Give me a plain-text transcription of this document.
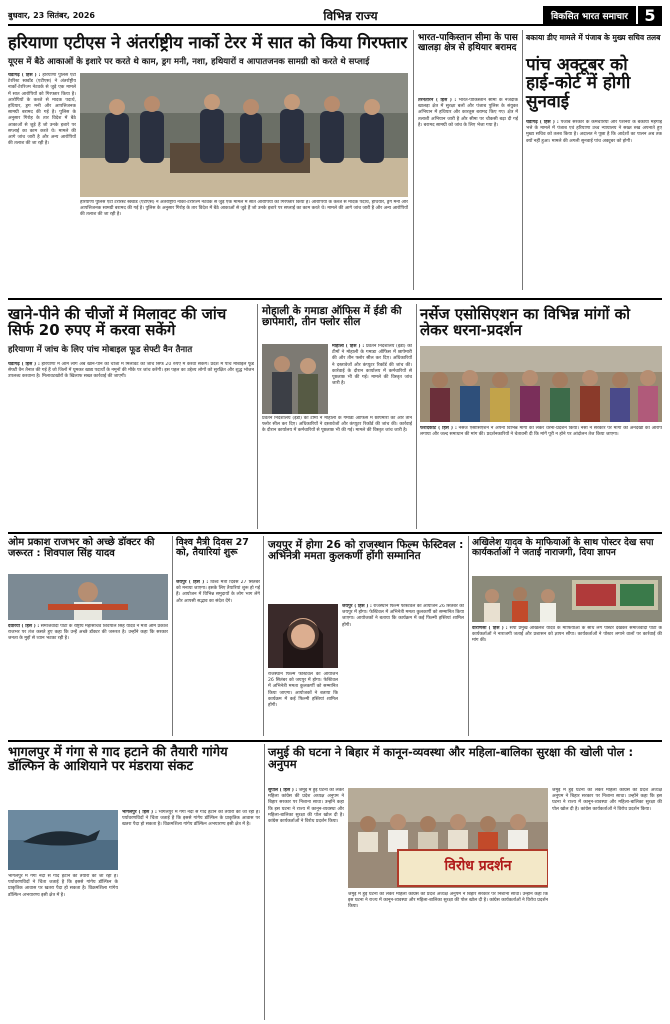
बुधवार, 23 सितंबर, 2026	विभिन्न राज्य	विकसित भारत समाचार	5
हरियाणा एटीएस ने अंतर्राष्ट्रीय नार्को टेरर में सात को किया गिरफ्तार
यूएस में बैठे आकाओं के इशारे पर करते थे काम, ड्रग मनी, नशा, हथियारों व आपातजनक सामग्री को करते थे सप्लाई
चंडीगढ़ ( हिस ) : हरियाणा पुलिस एंटी टेररिस्ट स्क्वॉड (एटीएस) ने अंतर्राष्ट्रीय नार्को-टेररिज्म नेटवर्क से जुड़े एक मामले में सात आरोपियों को गिरफ्तार किया है। आरोपियों के कब्जे से मादक पदार्थ, हथियार, ड्रग मनी और आपत्तिजनक सामग्री बरामद की गई है। पुलिस के अनुसार गिरोह के तार विदेश में बैठे आकाओं से जुड़े हैं जो उनके इशारे पर सप्लाई का काम करते थे। मामले की आगे जांच जारी है और अन्य आरोपियों की तलाश की जा रही है।
हरियाणा पुलिस एंटी टेररिस्ट स्क्वॉड (एटीएस) ने अंतर्राष्ट्रीय नार्को-टेररिज्म नेटवर्क से जुड़े एक मामले में सात आरोपियों को गिरफ्तार किया है। आरोपियों के कब्जे से मादक पदार्थ, हथियार, ड्रग मनी और आपत्तिजनक सामग्री बरामद की गई है। पुलिस के अनुसार गिरोह के तार विदेश में बैठे आकाओं से जुड़े हैं जो उनके इशारे पर सप्लाई का काम करते थे। मामले की आगे जांच जारी है और अन्य आरोपियों की तलाश की जा रही है।
भारत-पाकिस्तान सीमा के पास खालड़ा क्षेत्र से हथियार बरामद
तरनतारन ( हिस ) : भारत-पाकिस्तान सीमा के नजदीक खालड़ा क्षेत्र में सुरक्षा बलों और पंजाब पुलिस के संयुक्त अभियान में हथियार और कारतूस बरामद किए गए। क्षेत्र में तलाशी अभियान जारी है और सीमा पर चौकसी बढ़ा दी गई है। बरामद सामग्री को जांच के लिए भेजा गया है।
बकाया डीए मामले में पंजाब के मुख्य सचिव तलब
पांच अक्टूबर को हाई-कोर्ट में होगी सुनवाई
चंडीगढ़ ( हिस ) : पंजाब सरकार के कर्मचारियों और पेंशनरों के बकाया महंगाई भत्ते के मामले में पंजाब एवं हरियाणा उच्च न्यायालय ने सख्त रुख अपनाते हुए मुख्य सचिव को तलब किया है। अदालत ने पूछा है कि आदेशों का पालन अब तक क्यों नहीं हुआ। मामले की अगली सुनवाई पांच अक्टूबर को होगी।
खाने-पीने की चीजों में मिलावट की जांच सिर्फ 20 रुपए में करवा सकेंगे
हरियाणा में जांच के लिए पांच मोबाइल फूड सेफ्टी वैन तैनात
चंडीगढ़ ( हिस ) : हरियाणा में आम लोग अब खाने-पीने की चीजों में मिलावट की जांच सिर्फ 20 रुपए में करवा सकेंगे। प्रदेश में पांच मोबाइल फूड सेफ्टी वैन तैनात की गई हैं जो जिलों में घूमकर खाद्य पदार्थों के नमूनों की मौके पर जांच करेंगी। इस पहल का उद्देश्य लोगों को सुरक्षित और शुद्ध भोजन उपलब्ध करवाना है। मिलावटखोरों के खिलाफ सख्त कार्रवाई की जाएगी।
मोहाली के गमाडा ऑफिस में ईडी की छापेमारी, तीन फ्लोर सील
मोहाली ( हिस ) : प्रवर्तन निदेशालय (ईडी) की टीमों ने मोहाली के गमाडा ऑफिस में छापेमारी की और तीन फ्लोर सील कर दिए। अधिकारियों ने दस्तावेजों और कंप्यूटर रिकॉर्ड की जांच की। कार्रवाई के दौरान कार्यालय में कर्मचारियों से पूछताछ भी की गई। मामले की विस्तृत जांच जारी है।
प्रवर्तन निदेशालय (ईडी) की टीमों ने मोहाली के गमाडा ऑफिस में छापेमारी की और तीन फ्लोर सील कर दिए। अधिकारियों ने दस्तावेजों और कंप्यूटर रिकॉर्ड की जांच की। कार्रवाई के दौरान कार्यालय में कर्मचारियों से पूछताछ भी की गई। मामले की विस्तृत जांच जारी है।
नर्सेज एसोसिएशन का विभिन्न मांगों को लेकर धरना-प्रदर्शन
फरीदकोट ( हिस ) : नर्सेज एसोसिएशन ने अपनी विभिन्न मांगों को लेकर धरना-प्रदर्शन किया। नर्सों ने सरकार पर मांगों की अनदेखी का आरोप लगाया और जल्द समाधान की मांग की। प्रदर्शनकारियों ने चेतावनी दी कि मांगें पूरी न होने पर आंदोलन तेज किया जाएगा।
ओम प्रकाश राजभर को अच्छे डॉक्टर की जरूरत : शिवपाल सिंह यादव
देवरिया ( हिस ) : समाजवादी पार्टी के राष्ट्रीय महासचिव शिवपाल सिंह यादव ने मंत्री ओम प्रकाश राजभर पर तंज कसते हुए कहा कि उन्हें अच्छे डॉक्टर की जरूरत है। उन्होंने कहा कि सरकार जनता के मुद्दों से ध्यान भटका रही है।
विश्व मैत्री दिवस 27 को, तैयारियां शुरू
जयपुर ( हिस ) : विश्व मैत्री दिवस 27 सितंबर को मनाया जाएगा। इसके लिए तैयारियां शुरू हो गई हैं। आयोजन में विभिन्न समुदायों के लोग भाग लेंगे और आपसी सद्भाव का संदेश देंगे।
जयपुर में होगा 26 को राजस्थान फिल्म फेस्टिवल : अभिनेत्री ममता कुलकर्णी होंगी सम्मानित
जयपुर ( हिस ) : राजस्थान फिल्म फेस्टिवल का आयोजन 26 सितंबर को जयपुर में होगा। फेस्टिवल में अभिनेत्री ममता कुलकर्णी को सम्मानित किया जाएगा। आयोजकों ने बताया कि कार्यक्रम में कई फिल्मी हस्तियां शामिल होंगी।
राजस्थान फिल्म फेस्टिवल का आयोजन 26 सितंबर को जयपुर में होगा। फेस्टिवल में अभिनेत्री ममता कुलकर्णी को सम्मानित किया जाएगा। आयोजकों ने बताया कि कार्यक्रम में कई फिल्मी हस्तियां शामिल होंगी।
अखिलेश यादव के माफियाओं के साथ पोस्टर देख सपा कार्यकर्ताओं ने जताई नाराजगी, दिया ज्ञापन
वाराणसी ( हिस ) : सपा प्रमुख अखिलेश यादव के माफियाओं के साथ लगे पोस्टर देखकर समाजवादी पार्टी के कार्यकर्ताओं ने नाराजगी जताई और प्रशासन को ज्ञापन सौंपा। कार्यकर्ताओं ने पोस्टर लगाने वालों पर कार्रवाई की मांग की।
भागलपुर में गंगा से गाद हटाने की तैयारी गांगेय डॉल्फिन के आशियाने पर मंडराया संकट
भागलपुर ( हिस ) : भागलपुर में गंगा नदी से गाद हटाने की तैयारी की जा रही है। पर्यावरणविदों ने चिंता जताई है कि इससे गांगेय डॉल्फिन के प्राकृतिक आवास पर खतरा पैदा हो सकता है। विक्रमशिला गांगेय डॉल्फिन अभयारण्य इसी क्षेत्र में है।
भागलपुर में गंगा नदी से गाद हटाने की तैयारी की जा रही है। पर्यावरणविदों ने चिंता जताई है कि इससे गांगेय डॉल्फिन के प्राकृतिक आवास पर खतरा पैदा हो सकता है। विक्रमशिला गांगेय डॉल्फिन अभयारण्य इसी क्षेत्र में है।
जमुई की घटना ने बिहार में कानून-व्यवस्था और महिला-बालिका सुरक्षा की खोली पोल : अनुपम
सुपौल ( हिस ) : जमुई में हुई घटना को लेकर महिला कांग्रेस की प्रदेश अध्यक्ष अनुपम ने बिहार सरकार पर निशाना साधा। उन्होंने कहा कि इस घटना ने राज्य में कानून-व्यवस्था और महिला-बालिका सुरक्षा की पोल खोल दी है। कांग्रेस कार्यकर्ताओं ने विरोध प्रदर्शन किया।
विरोध प्रदर्शन
जमुई में हुई घटना को लेकर महिला कांग्रेस की प्रदेश अध्यक्ष अनुपम ने बिहार सरकार पर निशाना साधा। उन्होंने कहा कि इस घटना ने राज्य में कानून-व्यवस्था और महिला-बालिका सुरक्षा की पोल खोल दी है। कांग्रेस कार्यकर्ताओं ने विरोध प्रदर्शन किया।
जमुई में हुई घटना को लेकर महिला कांग्रेस की प्रदेश अध्यक्ष अनुपम ने बिहार सरकार पर निशाना साधा। उन्होंने कहा कि इस घटना ने राज्य में कानून-व्यवस्था और महिला-बालिका सुरक्षा की पोल खोल दी है। कांग्रेस कार्यकर्ताओं ने विरोध प्रदर्शन किया।
